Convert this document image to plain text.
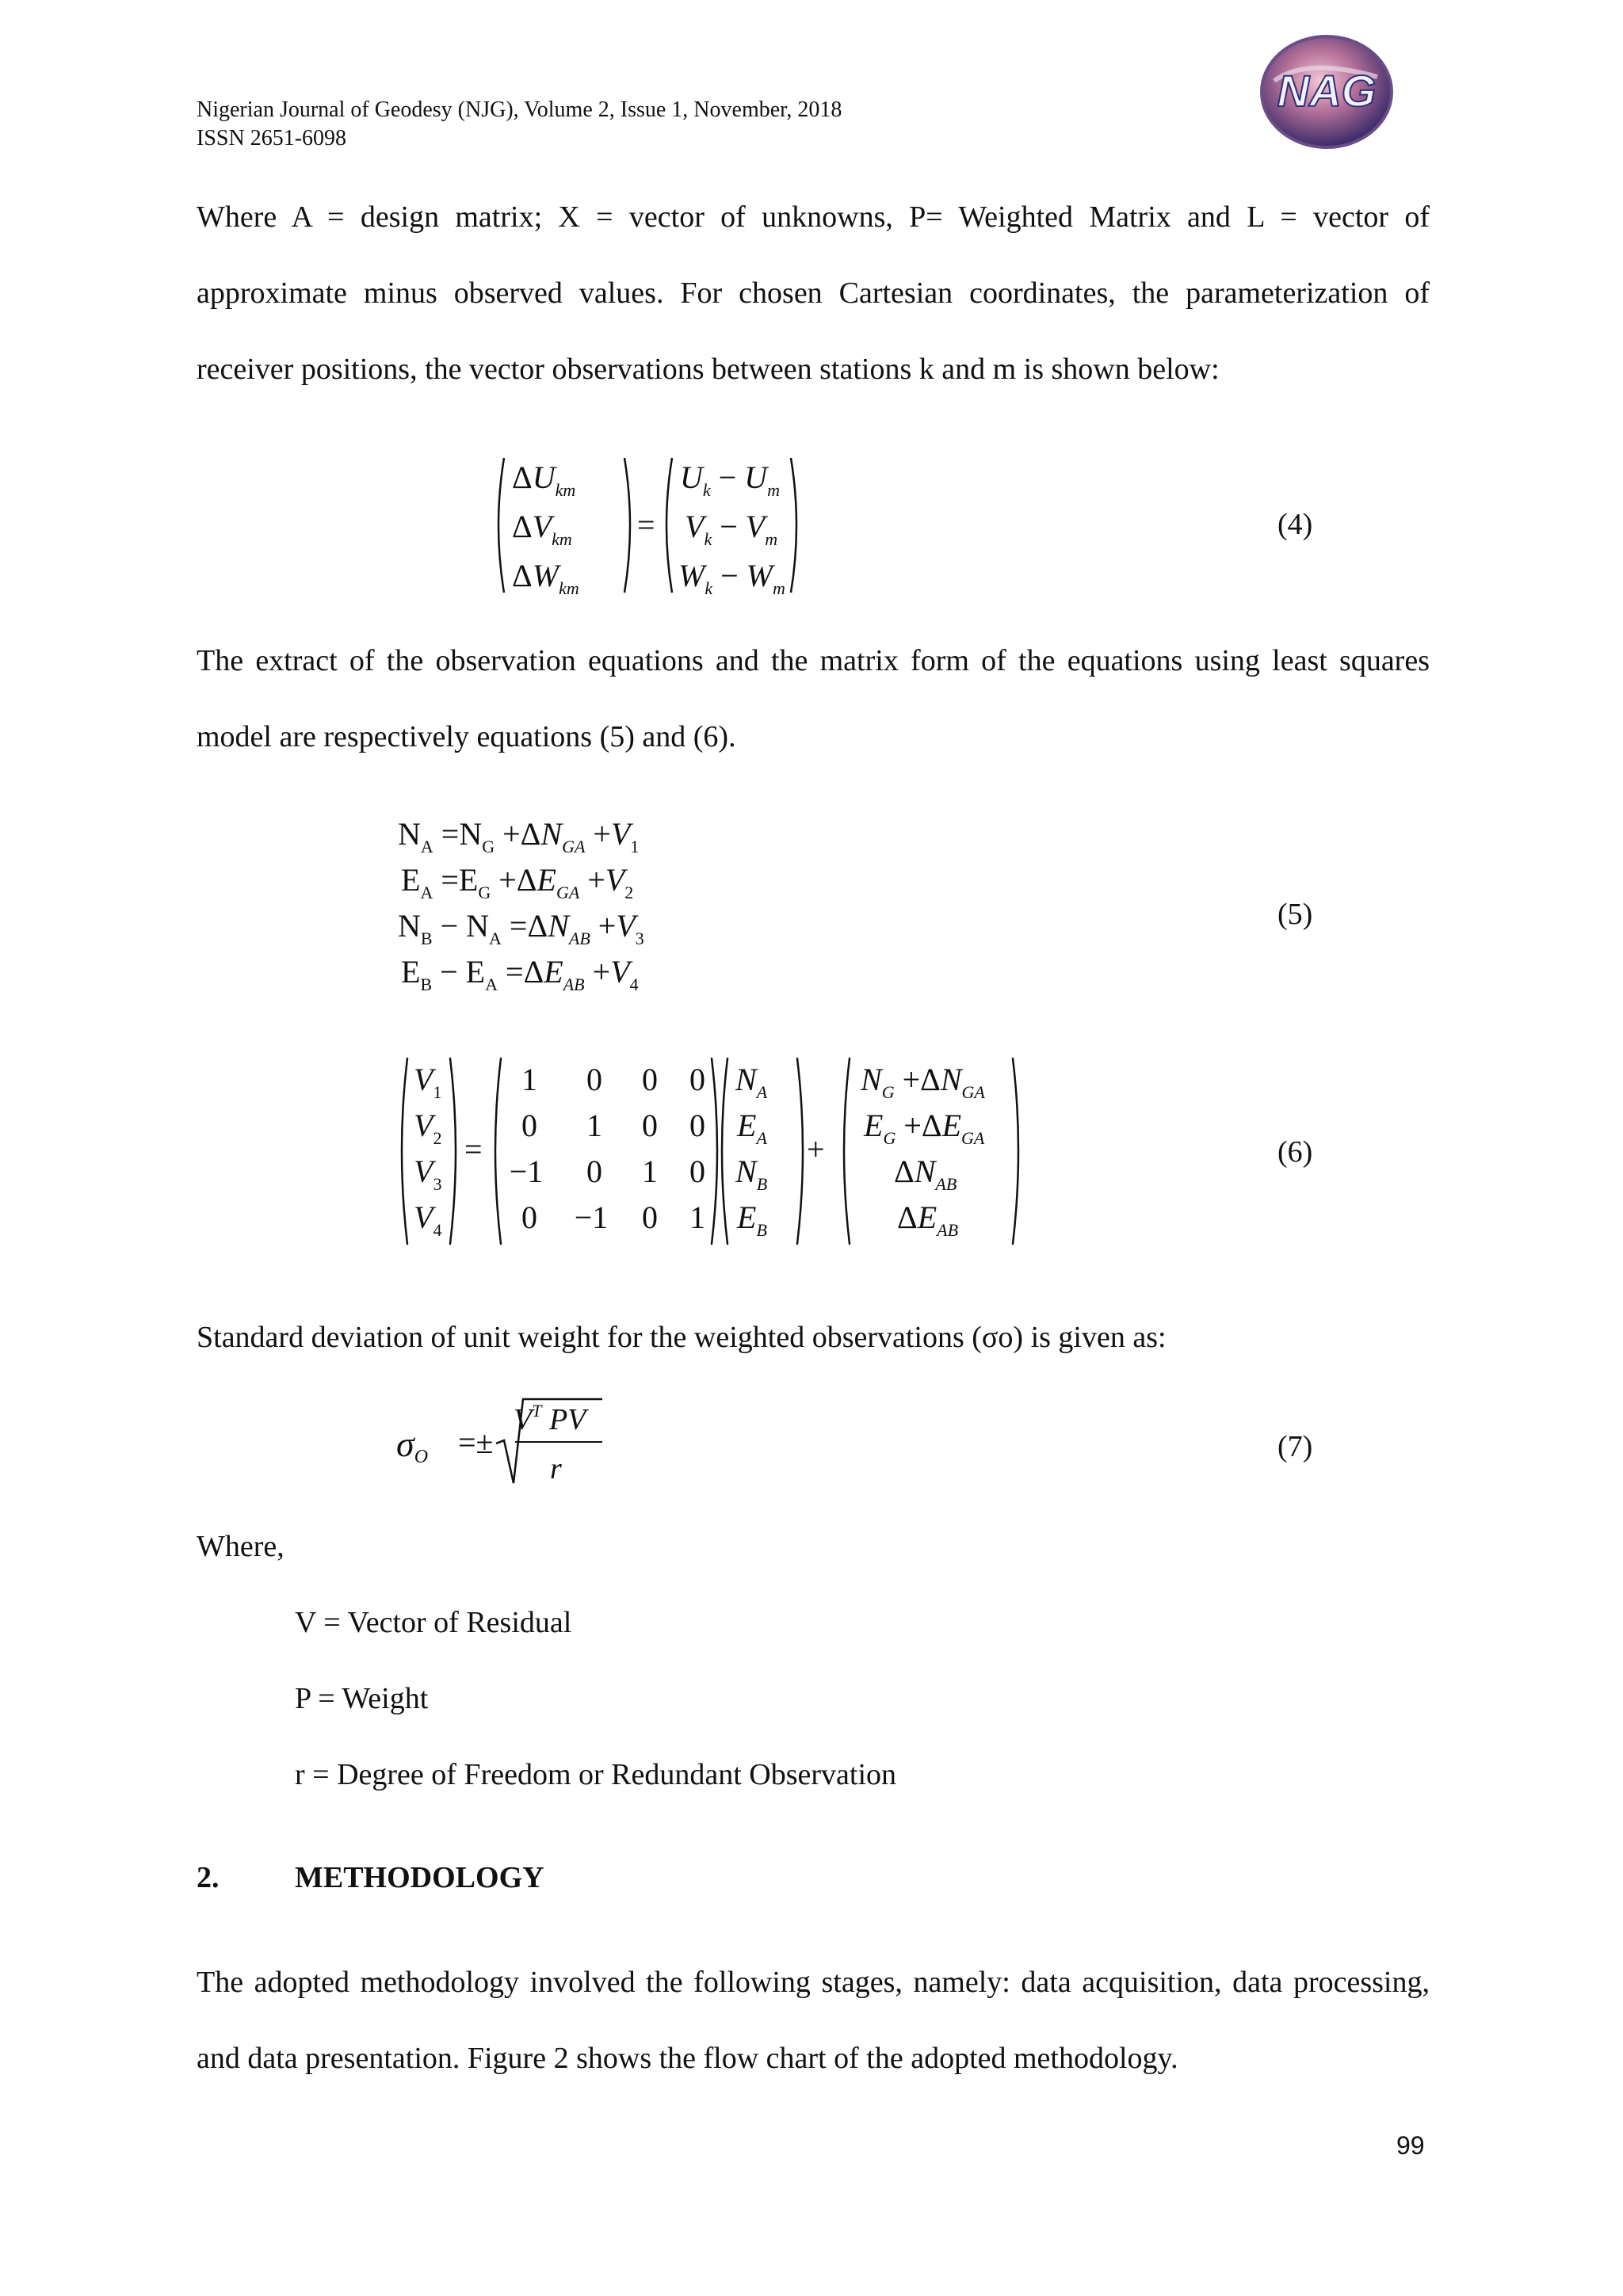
Nigerian Journal of Geodesy (NJG), Volume 2, Issue 1, November, 2018
ISSN 2651-6098
NAG

Where A = design matrix; X = vector of unknowns, P= Weighted Matrix and L = vector of approximate minus observed values. For chosen Cartesian coordinates, the parameterization of receiver positions, the vector observations between stations k and m is shown below:

$\Delta U_{km}$
$\Delta V_{km}$
$\Delta W_{km}$
=
$U_k - U_m$
$V_k - V_m$
$W_k - W_m$
(4)

The extract of the observation equations and the matrix form of the equations using least squares model are respectively equations (5) and (6).

$N_A =N_G +\Delta N_{GA} +V_1$
$E_A =E_G +\Delta E_{GA} +V_2$
$N_B - N_A =\Delta N_{AB} +V_3$
$E_B - E_A =\Delta E_{AB} +V_4$
(5)
$V_1$
$V_2$
$V_3$
$V_4$
=
1 0 0 0
0 1 0 0
−1 0 1 0
0 −1 0 1
$N_A$
$E_A$
$N_B$
$E_B$
+
$N_G +\Delta N_{GA}$
$E_G +\Delta E_{GA}$
$\Delta N_{AB}$
$\Delta E_{AB}$
(6)
Standard deviation of unit weight for the weighted observations (σo) is given as:
σO =±
$V^T$ PV
r
(7)
Where,
V = Vector of Residual
P = Weight
r = Degree of Freedom or Redundant Observation
2.	METHODOLOGY

The adopted methodology involved the following stages, namely: data acquisition, data processing, and data presentation. Figure 2 shows the flow chart of the adopted methodology.

99
